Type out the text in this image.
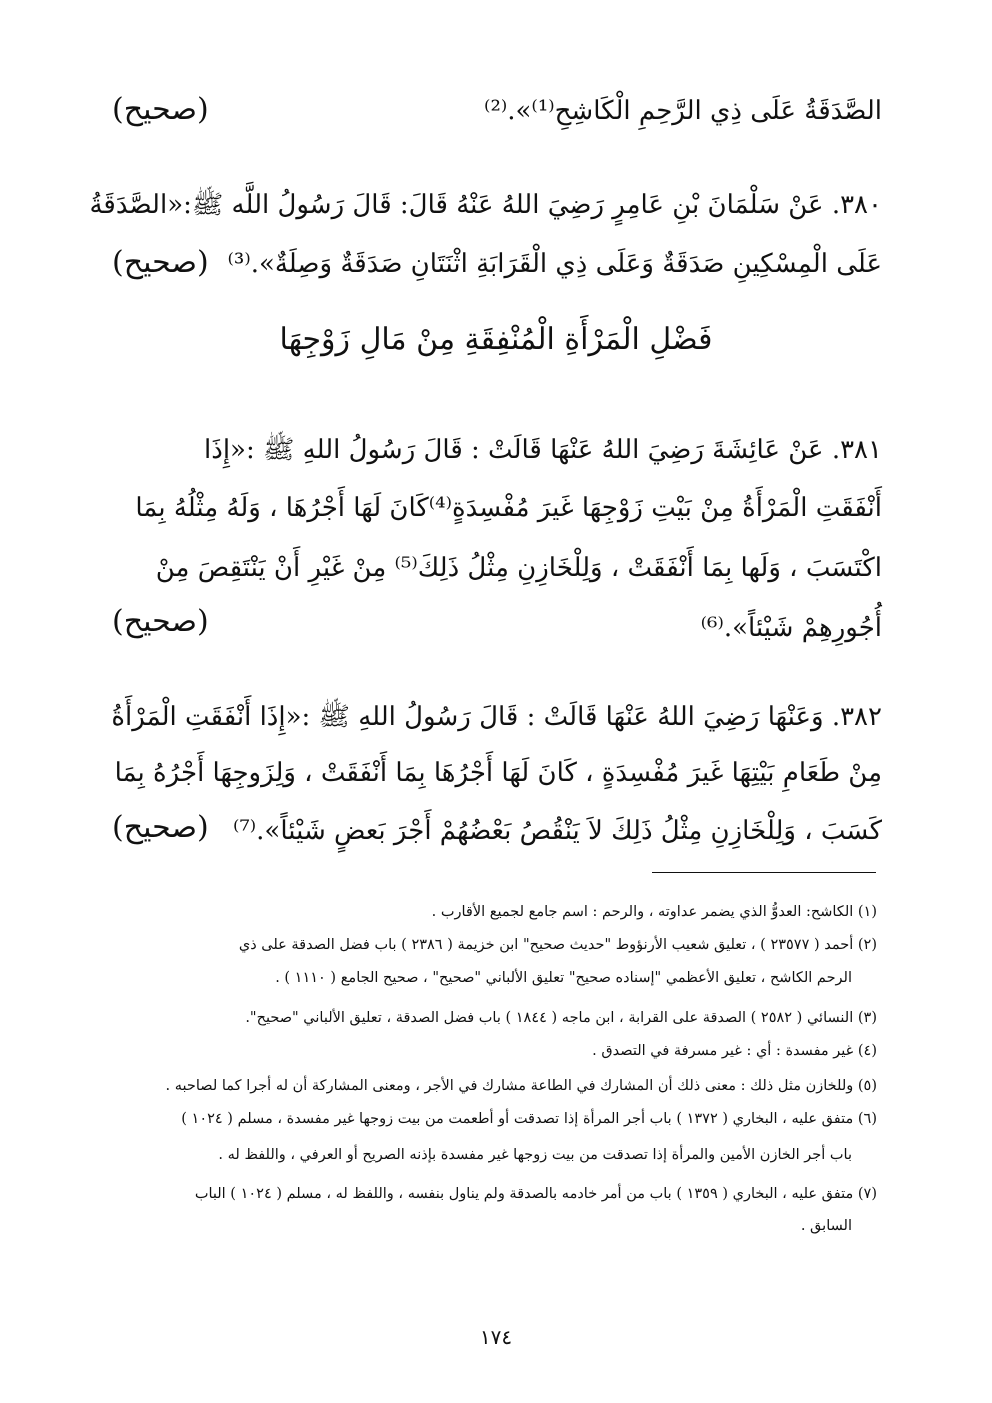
الصَّدَقَةُ عَلَى ذِي الرَّحِمِ الْكَاشِحِ⁽¹⁾».⁽²⁾
(صحيح)
٣٨٠. عَنْ سَلْمَانَ بْنِ عَامِرٍ رَضِيَ اللهُ عَنْهُ قَالَ: قَالَ رَسُولُ اللَّه ﷺ:«الصَّدَقَةُ
عَلَى الْمِسْكِينِ صَدَقَةٌ وَعَلَى ذِي الْقَرَابَةِ اثْنَتَانِ صَدَقَةٌ وَصِلَةٌ».⁽³⁾
(صحيح)
فَضْلِ الْمَرْأَةِ الْمُنْفِقَةِ مِنْ مَالِ زَوْجِهَا
٣٨١. عَنْ عَائِشَةَ رَضِيَ اللهُ عَنْهَا قَالَتْ : قَالَ رَسُولُ اللهِ ﷺ :«إِذَا
أَنْفَقَتِ الْمَرْأَةُ مِنْ بَيْتِ زَوْجِهَا غَيرَ مُفْسِدَةٍ⁽⁴⁾كَانَ لَهَا أَجْرُهَا ، وَلَهُ مِثْلُهُ بِمَا
اكْتَسَبَ ، وَلَها بِمَا أَنْفَقَتْ ، وَلِلْخَازِنِ مِثْلُ ذَلِكَ⁽⁵⁾ مِنْ غَيْرِ أَنْ يَنْتَقِصَ مِنْ
أُجُورِهِمْ شَيْئاً».⁽⁶⁾
(صحيح)
٣٨٢. وَعَنْهَا رَضِيَ اللهُ عَنْهَا قَالَتْ : قَالَ رَسُولُ اللهِ ﷺ :«إِذَا أَنْفَقَتِ الْمَرْأَةُ
مِنْ طَعَامِ بَيْتِهَا غَيرَ مُفْسِدَةٍ ، كَانَ لَهَا أَجْرُهَا بِمَا أَنْفَقَتْ ، وَلِزَوجِهَا أَجْرُهُ بِمَا
كَسَبَ ، وَلِلْخَازِنِ مِثْلُ ذَلِكَ لاَ يَنْقُصُ بَعْضُهُمْ أَجْرَ بَعضٍ شَيْئاً».⁽⁷⁾
(صحيح)
(١) الكاشح: العدوُّ الذي يضمر عداوته ، والرحم : اسم جامع لجميع الأقارب .
(٢) أحمد ( ٢٣٥٧٧ ) ، تعليق شعيب الأرنؤوط "حديث صحيح" ابن خزيمة ( ٢٣٨٦ ) باب فضل الصدقة على ذي
الرحم الكاشح ، تعليق الأعظمي "إسناده صحيح" تعليق الألباني "صحيح" ، صحيح الجامع ( ١١١٠ ) .
(٣) النسائي ( ٢٥٨٢ ) الصدقة على القرابة ، ابن ماجه ( ١٨٤٤ ) باب فضل الصدقة ، تعليق الألباني "صحيح".
(٤) غير مفسدة : أي : غير مسرفة في التصدق .
(٥) وللخازن مثل ذلك : معنى ذلك أن المشارك في الطاعة مشارك في الأجر ، ومعنى المشاركة أن له أجرا كما لصاحبه .
(٦) متفق عليه ، البخاري ( ١٣٧٢ ) باب أجر المرأة إذا تصدقت أو أطعمت من بيت زوجها غير مفسدة ، مسلم ( ١٠٢٤ )
باب أجر الخازن الأمين والمرأة إذا تصدقت من بيت زوجها غير مفسدة بإذنه الصريح أو العرفي ، واللفظ له .
(٧) متفق عليه ، البخاري ( ١٣٥٩ ) باب من أمر خادمه بالصدقة ولم يناول بنفسه ، واللفظ له ، مسلم ( ١٠٢٤ ) الباب
السابق .
١٧٤
